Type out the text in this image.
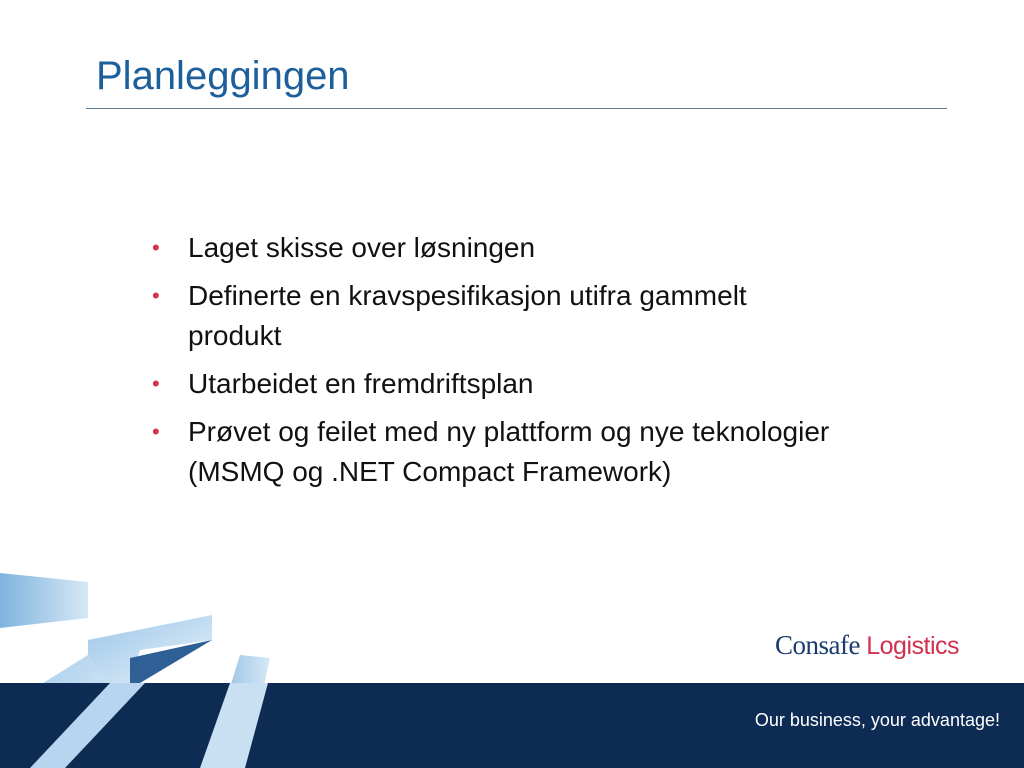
Planleggingen
• Laget skisse over løsningen
• Definerte en kravspesifikasjon utifra gammelt produkt
• Utarbeidet en fremdriftsplan
• Prøvet og feilet med ny plattform og nye teknologier (MSMQ og .NET Compact Framework)
Consafe Logistics
Our business, your advantage!
